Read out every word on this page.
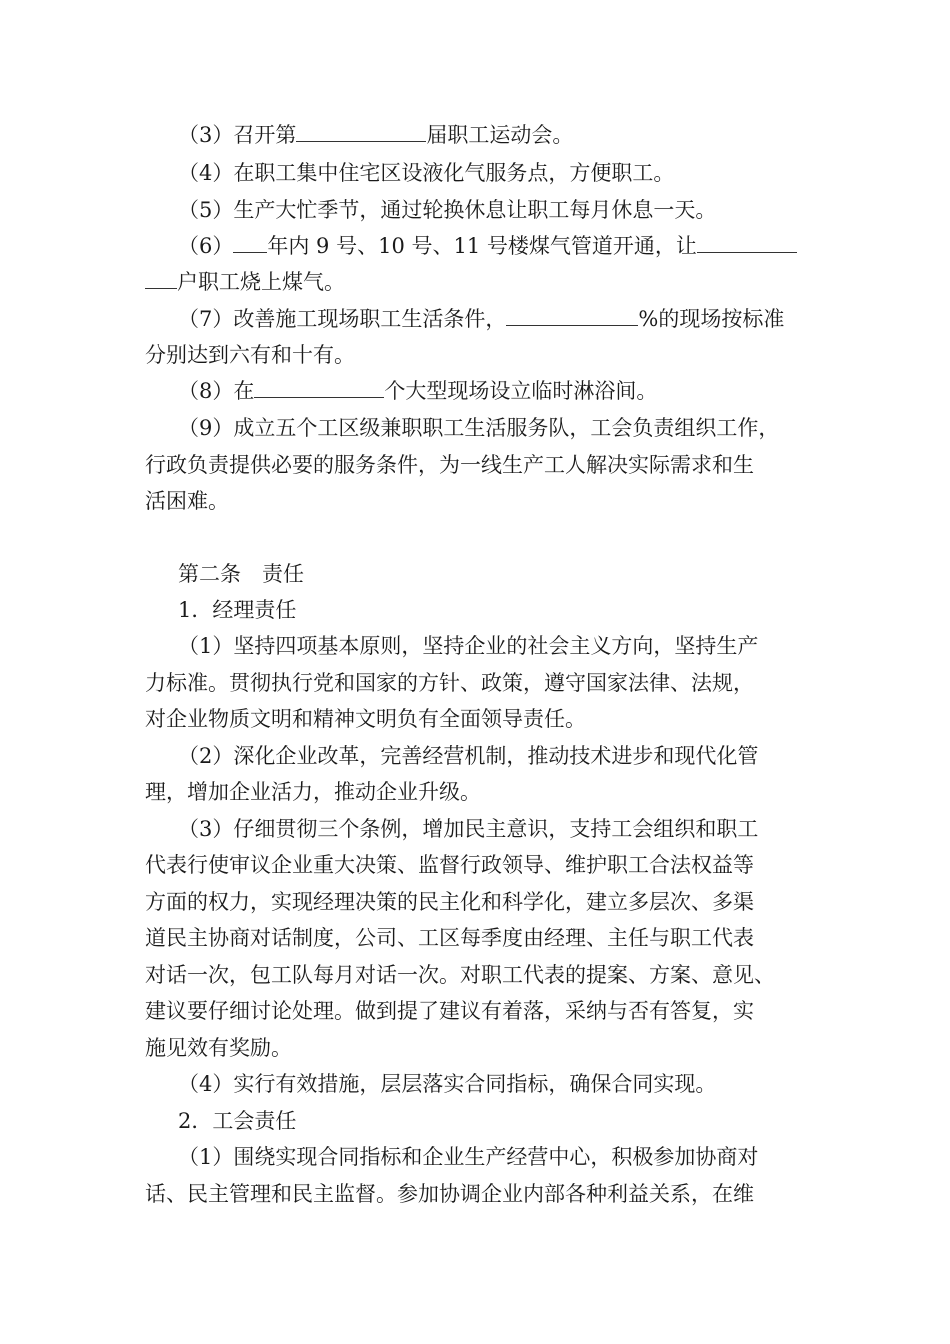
（3）召开第	届职工运动会。
（4）在职工集中住宅区设液化气服务点，方便职工。
（5）生产大忙季节，通过轮换休息让职工每月休息一天。
（6） 年内 9 号、10 号、11 号楼煤气管道开通，让
户职工烧上煤气。
（7）改善施工现场职工生活条件，	%的现场按标准
分别达到六有和十有。
（8）在	个大型现场设立临时淋浴间。
（9）成立五个工区级兼职职工生活服务队，工会负责组织工作，
行政负责提供必要的服务条件，为一线生产工人解决实际需求和生
活困难。
第二条　责任
1．经理责任
（1）坚持四项基本原则，坚持企业的社会主义方向，坚持生产
力标准。贯彻执行党和国家的方针、政策，遵守国家法律、法规，
对企业物质文明和精神文明负有全面领导责任。
（2）深化企业改革，完善经营机制，推动技术进步和现代化管
理，增加企业活力，推动企业升级。
（3）仔细贯彻三个条例，增加民主意识，支持工会组织和职工
代表行使审议企业重大决策、监督行政领导、维护职工合法权益等
方面的权力，实现经理决策的民主化和科学化，建立多层次、多渠
道民主协商对话制度，公司、工区每季度由经理、主任与职工代表
对话一次，包工队每月对话一次。对职工代表的提案、方案、意见、
建议要仔细讨论处理。做到提了建议有着落，采纳与否有答复，实
施见效有奖励。
（4）实行有效措施，层层落实合同指标，确保合同实现。
2．工会责任
（1）围绕实现合同指标和企业生产经营中心，积极参加协商对
话、民主管理和民主监督。参加协调企业内部各种利益关系，在维
